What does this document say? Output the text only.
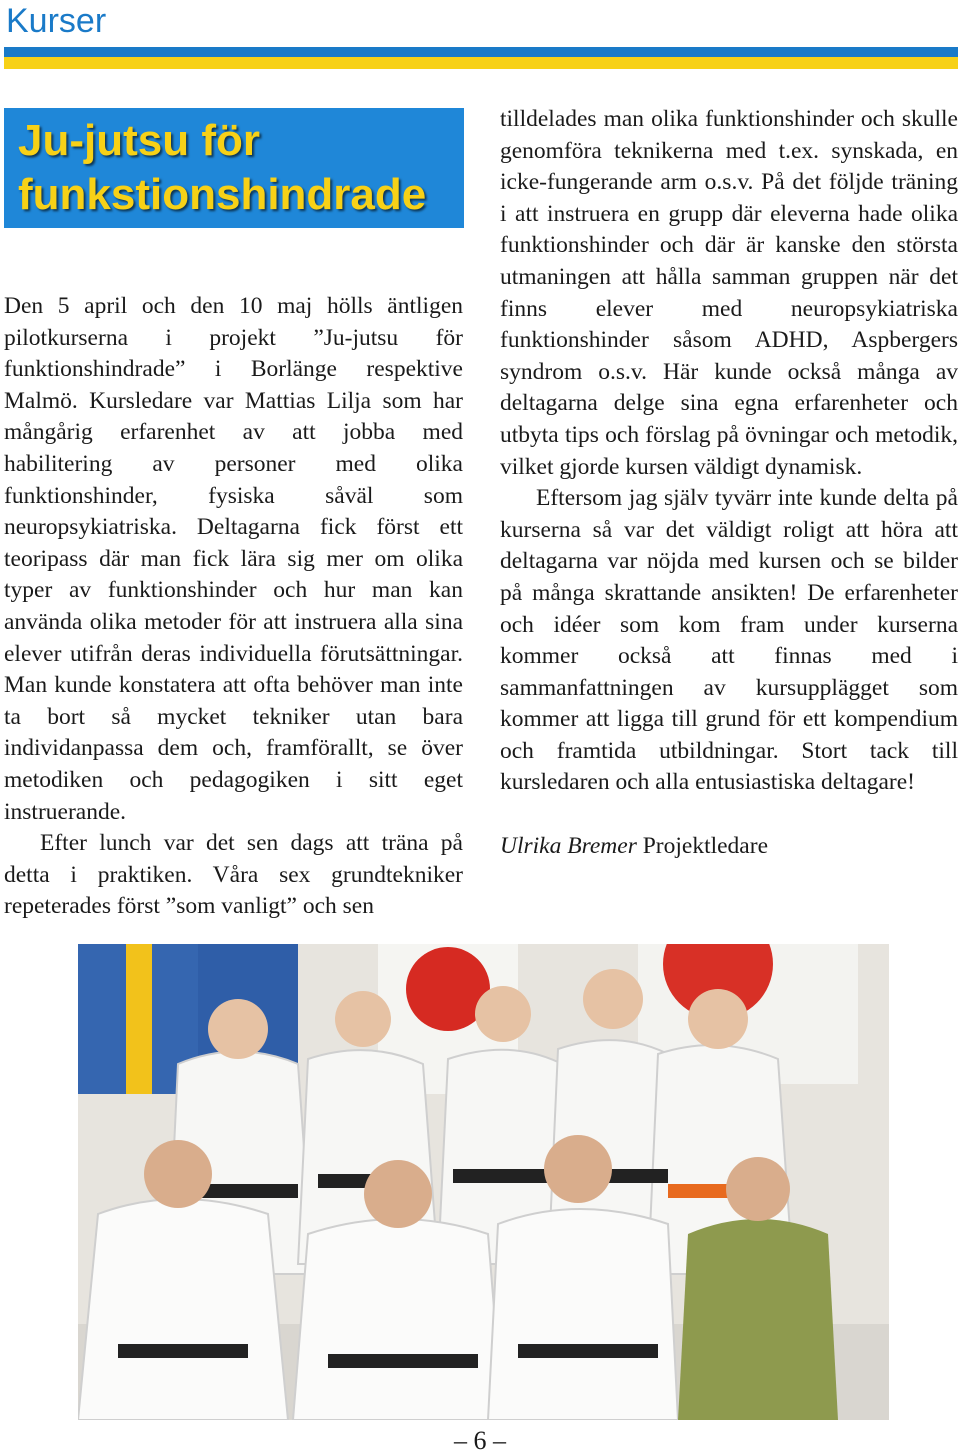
Kurser
Ju-jutsu för
funkstionshindrade

Den 5 april och den 10 maj hölls äntligen pilotkurserna i projekt ”Ju-jutsu för funktionshindrade” i Borlänge respektive Malmö. Kursledare var Mattias Lilja som har mångårig erfarenhet av att jobba med habilitering av personer med olika funktionshinder, fysiska såväl som neuropsykiatriska. Deltagarna fick först ett teoripass där man fick lära sig mer om olika typer av funktionshinder och hur man kan använda olika metoder för att instruera alla sina elever utifrån deras individuella förutsättningar. Man kunde konstatera att ofta behöver man inte ta bort så mycket tekniker utan bara individanpassa dem och, framförallt, se över metodiken och pedagogiken i sitt eget instruerande.

Efter lunch var det sen dags att träna på detta i praktiken. Våra sex grundtekniker repeterades först ”som vanligt” och sen

tilldelades man olika funktionshinder och skulle genomföra teknikerna med t.ex. synskada, en icke-fungerande arm o.s.v. På det följde träning i att instruera en grupp där eleverna hade olika funktionshinder och där är kanske den största utmaningen att hålla samman gruppen när det finns elever med neuropsykiatriska funktionshinder såsom ADHD, Aspbergers syndrom o.s.v. Här kunde också många av deltagarna delge sina egna erfarenheter och utbyta tips och förslag på övningar och metodik, vilket gjorde kursen väldigt dynamisk.

Eftersom jag själv tyvärr inte kunde delta på kurserna så var det väldigt roligt att höra att deltagarna var nöjda med kursen och se bilder på många skrattande ansikten! De erfarenheter och idéer som kom fram under kurserna kommer också att finnas med i sammanfattningen av kursupplägget som kommer att ligga till grund för ett kompendium och framtida utbildningar. Stort tack till kursledaren och alla entusiastiska deltagare!

Ulrika Bremer Projektledare

– 6 –
